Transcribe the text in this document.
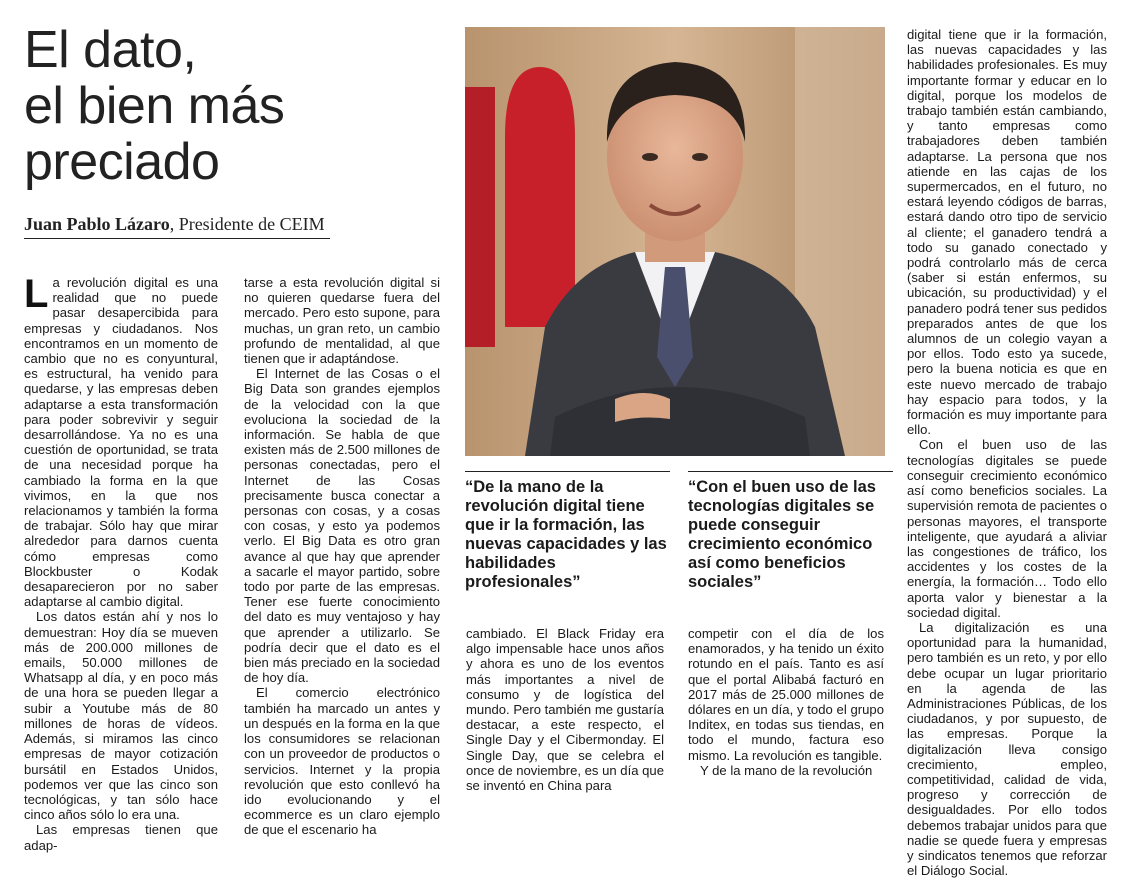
El dato,
el bien más
preciado
Juan Pablo Lázaro, Presidente de CEIM

La revolución digital es una realidad que no puede pasar desapercibida para empresas y ciudadanos. Nos encontramos en un momento de cambio que no es conyuntural, es estructural, ha venido para quedarse, y las empresas deben adaptarse a esta transformación para poder sobrevivir y seguir desarrollándose. Ya no es una cuestión de oportunidad, se trata de una necesidad porque ha cambiado la forma en la que vivimos, en la que nos relacionamos y también la forma de trabajar. Sólo hay que mirar alrededor para darnos cuenta cómo empresas como Blockbuster o Kodak desaparecieron por no saber adaptarse al cambio digital.

Los datos están ahí y nos lo demuestran: Hoy día se mueven más de 200.000 millones de emails, 50.000 millones de Whatsapp al día, y en poco más de una hora se pueden llegar a subir a Youtube más de 80 millones de horas de vídeos. Además, si miramos las cinco empresas de mayor cotización bursátil en Estados Unidos, podemos ver que las cinco son tecnológicas, y tan sólo hace cinco años sólo lo era una.

Las empresas tienen que adap-

tarse a esta revolución digital si no quieren quedarse fuera del mercado. Pero esto supone, para muchas, un gran reto, un cambio profundo de mentalidad, al que tienen que ir adaptándose.

El Internet de las Cosas o el Big Data son grandes ejemplos de la velocidad con la que evoluciona la sociedad de la información. Se habla de que existen más de 2.500 millones de personas conectadas, pero el Internet de las Cosas precisamente busca conectar a personas con cosas, y a cosas con cosas, y esto ya podemos verlo. El Big Data es otro gran avance al que hay que aprender a sacarle el mayor partido, sobre todo por parte de las empresas. Tener ese fuerte conocimiento del dato es muy ventajoso y hay que aprender a utilizarlo. Se podría decir que el dato es el bien más preciado en la sociedad de hoy día.

El comercio electrónico también ha marcado un antes y un después en la forma en la que los consumidores se relacionan con un proveedor de productos o servicios. Internet y la propia revolución que esto conllevó ha ido evolucionando y el ecommerce es un claro ejemplo de que el escenario ha

“De la mano de la revolución digital tiene que ir la formación, las nuevas capacidades y las habilidades profesionales”
“Con el buen uso de las tecnologías digitales se puede conseguir crecimiento económico así como beneficios sociales”

cambiado. El Black Friday era algo impensable hace unos años y ahora es uno de los eventos más importantes a nivel de consumo y de logística del mundo. Pero también me gustaría destacar, a este respecto, el Single Day y el Cibermonday. El Single Day, que se celebra el once de noviembre, es un día que se inventó en China para

competir con el día de los enamorados, y ha tenido un éxito rotundo en el país. Tanto es así que el portal Alibabá facturó en 2017 más de 25.000 millones de dólares en un día, y todo el grupo Inditex, en todas sus tiendas, en todo el mundo, factura eso mismo. La revolución es tangible.

Y de la mano de la revolución

digital tiene que ir la formación, las nuevas capacidades y las habilidades profesionales. Es muy importante formar y educar en lo digital, porque los modelos de trabajo también están cambiando, y tanto empresas como trabajadores deben también adaptarse. La persona que nos atiende en las cajas de los supermercados, en el futuro, no estará leyendo códigos de barras, estará dando otro tipo de servicio al cliente; el ganadero tendrá a todo su ganado conectado y podrá controlarlo más de cerca (saber si están enfermos, su ubicación, su productividad) y el panadero podrá tener sus pedidos preparados antes de que los alumnos de un colegio vayan a por ellos. Todo esto ya sucede, pero la buena noticia es que en este nuevo mercado de trabajo hay espacio para todos, y la formación es muy importante para ello.

Con el buen uso de las tecnologías digitales se puede conseguir crecimiento económico así como beneficios sociales. La supervisión remota de pacientes o personas mayores, el transporte inteligente, que ayudará a aliviar las congestiones de tráfico, los accidentes y los costes de la energía, la formación… Todo ello aporta valor y bienestar a la sociedad digital.

La digitalización es una oportunidad para la humanidad, pero también es un reto, y por ello debe ocupar un lugar prioritario en la agenda de las Administraciones Públicas, de los ciudadanos, y por supuesto, de las empresas. Porque la digitalización lleva consigo crecimiento, empleo, competitividad, calidad de vida, progreso y corrección de desigualdades. Por ello todos debemos trabajar unidos para que nadie se quede fuera y empresas y sindicatos tenemos que reforzar el Diálogo Social.
